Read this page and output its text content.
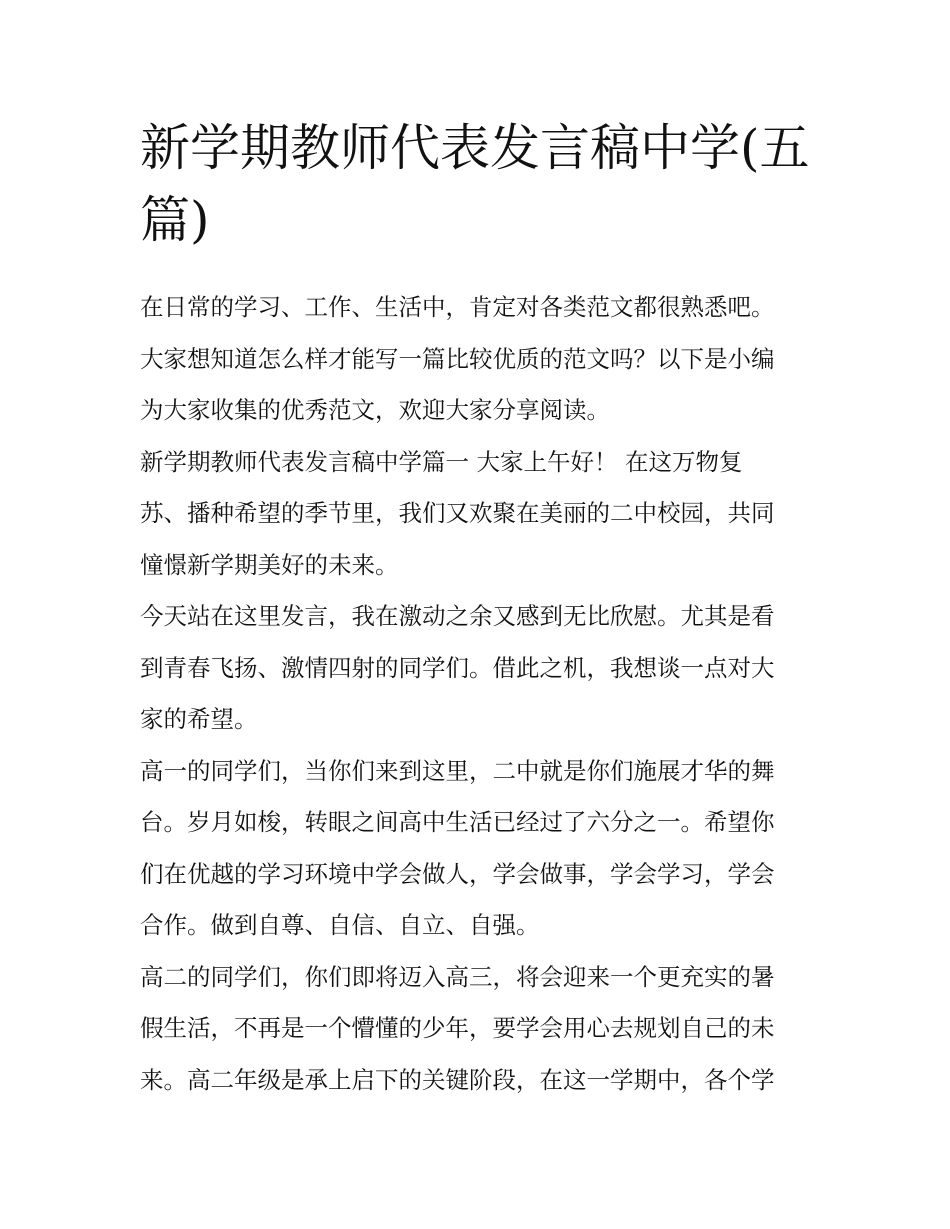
新学期教师代表发言稿中学(五
篇)
在日常的学习、工作、生活中，肯定对各类范文都很熟悉吧。
大家想知道怎么样才能写一篇比较优质的范文吗？以下是小编
为大家收集的优秀范文，欢迎大家分享阅读。
新学期教师代表发言稿中学篇一 大家上午好！ 在这万物复
苏、播种希望的季节里，我们又欢聚在美丽的二中校园，共同
憧憬新学期美好的未来。
今天站在这里发言，我在激动之余又感到无比欣慰。尤其是看
到青春飞扬、激情四射的同学们。借此之机，我想谈一点对大
家的希望。
高一的同学们，当你们来到这里，二中就是你们施展才华的舞
台。岁月如梭，转眼之间高中生活已经过了六分之一。希望你
们在优越的学习环境中学会做人，学会做事，学会学习，学会
合作。做到自尊、自信、自立、自强。
高二的同学们，你们即将迈入高三，将会迎来一个更充实的暑
假生活，不再是一个懵懂的少年，要学会用心去规划自己的未
来。高二年级是承上启下的关键阶段，在这一学期中，各个学
